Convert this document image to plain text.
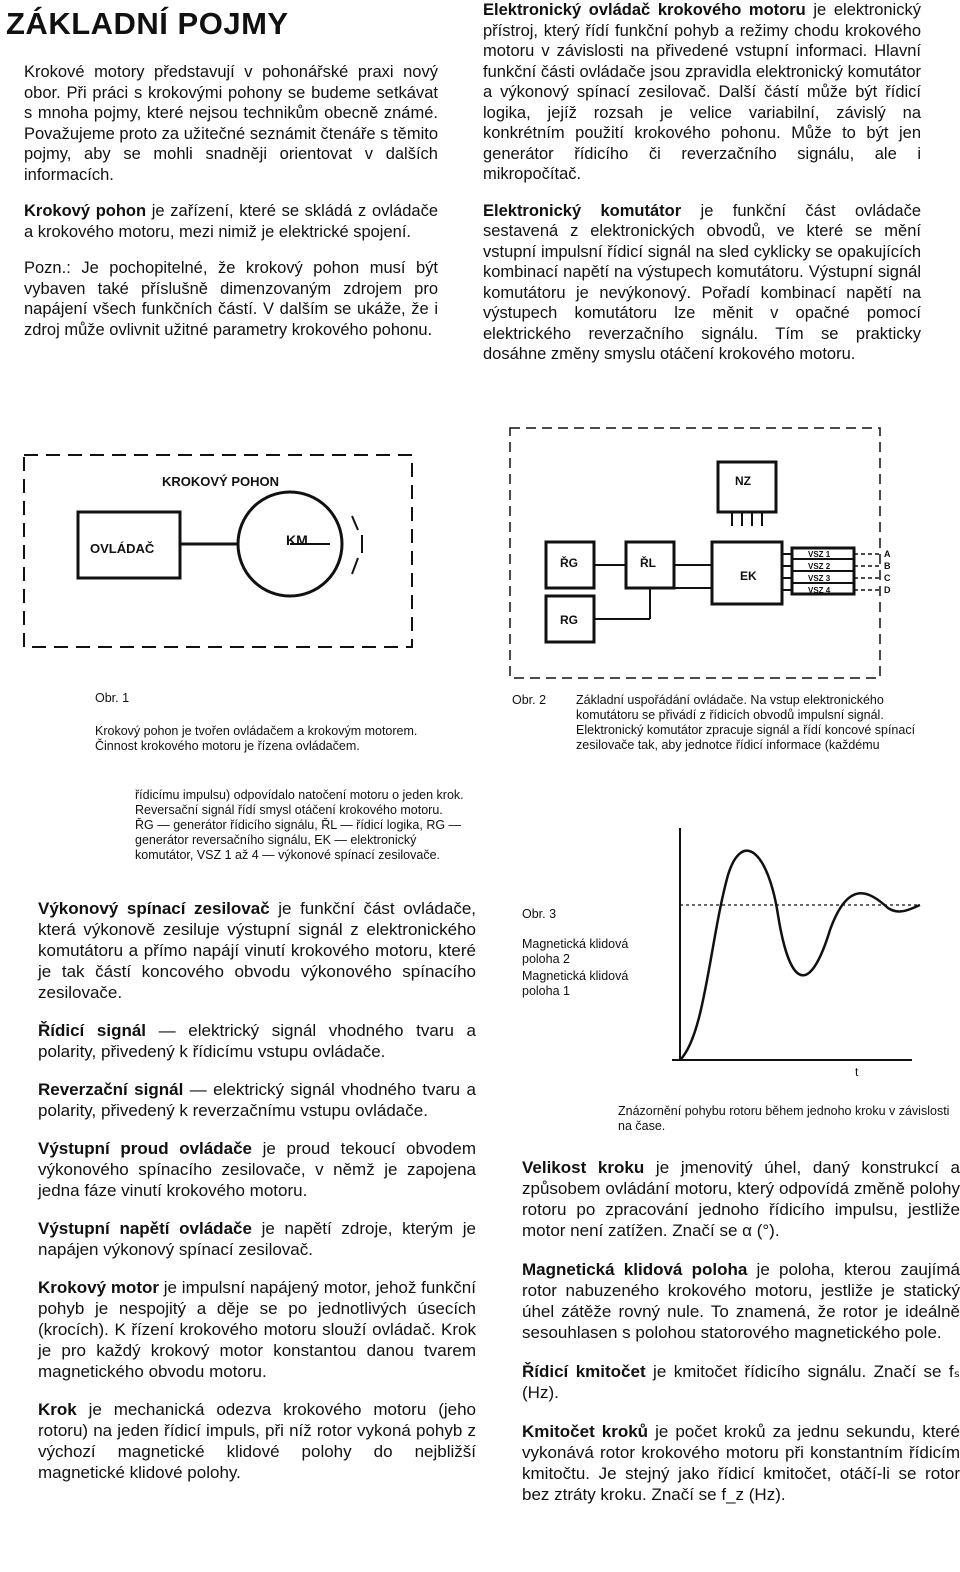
ZÁKLADNÍ POJMY

Krokové motory představují v pohonářské praxi nový obor. Při práci s krokovými pohony se budeme setkávat s mnoha pojmy, které nejsou technikům obecně známé. Považujeme proto za užitečné seznámit čtenáře s těmito pojmy, aby se mohli snadněji orientovat v dalších informacích.

Krokový pohon je zařízení, které se skládá z ovládače a krokového motoru, mezi nimiž je elektrické spojení.

Pozn.: Je pochopitelné, že krokový pohon musí být vybaven také příslušně dimenzovaným zdrojem pro napájení všech funkčních částí. V dalším se ukáže, že i zdroj může ovlivnit užitné parametry krokového pohonu.

Elektronický ovládač krokového motoru je elektronický přístroj, který řídí funkční pohyb a režimy chodu krokového motoru v závislosti na přivedené vstupní informaci. Hlavní funkční části ovládače jsou zpravidla elektronický komutátor a výkonový spínací zesilovač. Další částí může být řídicí logika, jejíž rozsah je velice variabilní, závislý na konkrétním použití krokového pohonu. Může to být jen generátor řídicího či reverzačního signálu, ale i mikropočítač.

Elektronický komutátor je funkční část ovládače sestavená z elektronických obvodů, ve které se mění vstupní impulsní řídicí signál na sled cyklicky se opakujících kombinací napětí na výstupech komutátoru. Výstupní signál komutátoru je nevýkonový. Pořadí kombinací napětí na výstupech komutátoru lze měnit v opačné pomocí elektrického reverzačního signálu. Tím se prakticky dosáhne změny smyslu otáčení krokového motoru.

KROKOVÝ POHON
OVLÁDAČ
KM
Obr. 1
Krokový pohon je tvořen ovládačem a krokovým motorem. Činnost krokového motoru je řízena ovládačem.
NZ
ŘG	ŘL
EK
RG
VSZ 1
VSZ 2
VSZ 3
VSZ 4
A
B
C
D
Obr. 2 Základní uspořádání ovládače. Na vstup elektronického komutátoru se přivádí z řídicích obvodů impulsní signál. Elektronický komutátor zpracuje signál a řídí koncové spínací zesilovače tak, aby jednotce řídicí informace (každému
řídicímu impulsu) odpovídalo natočení motoru o jeden krok. Reversační signál řídí smysl otáčení krokového motoru.
ŘG — generátor řídicího signálu, ŘL — řídicí logika, RG — generátor reversačního signálu, EK — elektronický komutátor, VSZ 1 až 4 — výkonové spínací zesilovače.

Výkonový spínací zesilovač je funkční část ovládače, která výkonově zesiluje výstupní signál z elektronického komutátoru a přímo napájí vinutí krokového motoru, které je tak částí koncového obvodu výkonového spínacího zesilovače.

Řídicí signál — elektrický signál vhodného tvaru a polarity, přivedený k řídicímu vstupu ovládače.

Reverzační signál — elektrický signál vhodného tvaru a polarity, přivedený k reverzačnímu vstupu ovládače.

Výstupní proud ovládače je proud tekoucí obvodem výkonového spínacího zesilovače, v němž je zapojena jedna fáze vinutí krokového motoru.

Výstupní napětí ovládače je napětí zdroje, kterým je napájen výkonový spínací zesilovač.

Krokový motor je impulsní napájený motor, jehož funkční pohyb je nespojitý a děje se po jednotlivých úsecích (krocích). K řízení krokového motoru slouží ovládač. Krok je pro každý krokový motor konstantou danou tvarem magnetického obvodu motoru.

Krok je mechanická odezva krokového motoru (jeho rotoru) na jeden řídicí impuls, při níž rotor vykoná pohyb z výchozí magnetické klidové polohy do nejbližší magnetické klidové polohy.

Obr. 3
Magnetická klidová poloha 2
Magnetická klidová poloha 1
t
Znázornění pohybu rotoru během jednoho kroku v závislosti na čase.

Velikost kroku je jmenovitý úhel, daný konstrukcí a způsobem ovládání motoru, který odpovídá změně polohy rotoru po zpracování jednoho řídicího impulsu, jestliže motor není zatížen. Značí se α (°).

Magnetická klidová poloha je poloha, kterou zaujímá rotor nabuzeného krokového motoru, jestliže je statický úhel zátěže rovný nule. To znamená, že rotor je ideálně sesouhlasen s polohou statorového magnetického pole.

Řídicí kmitočet je kmitočet řídicího signálu. Značí se fₛ (Hz).

Kmitočet kroků je počet kroků za jednu sekundu, které vykonává rotor krokového motoru při konstantním řídicím kmitočtu. Je stejný jako řídicí kmitočet, otáčí-li se rotor bez ztráty kroku. Značí se f_z (Hz).
